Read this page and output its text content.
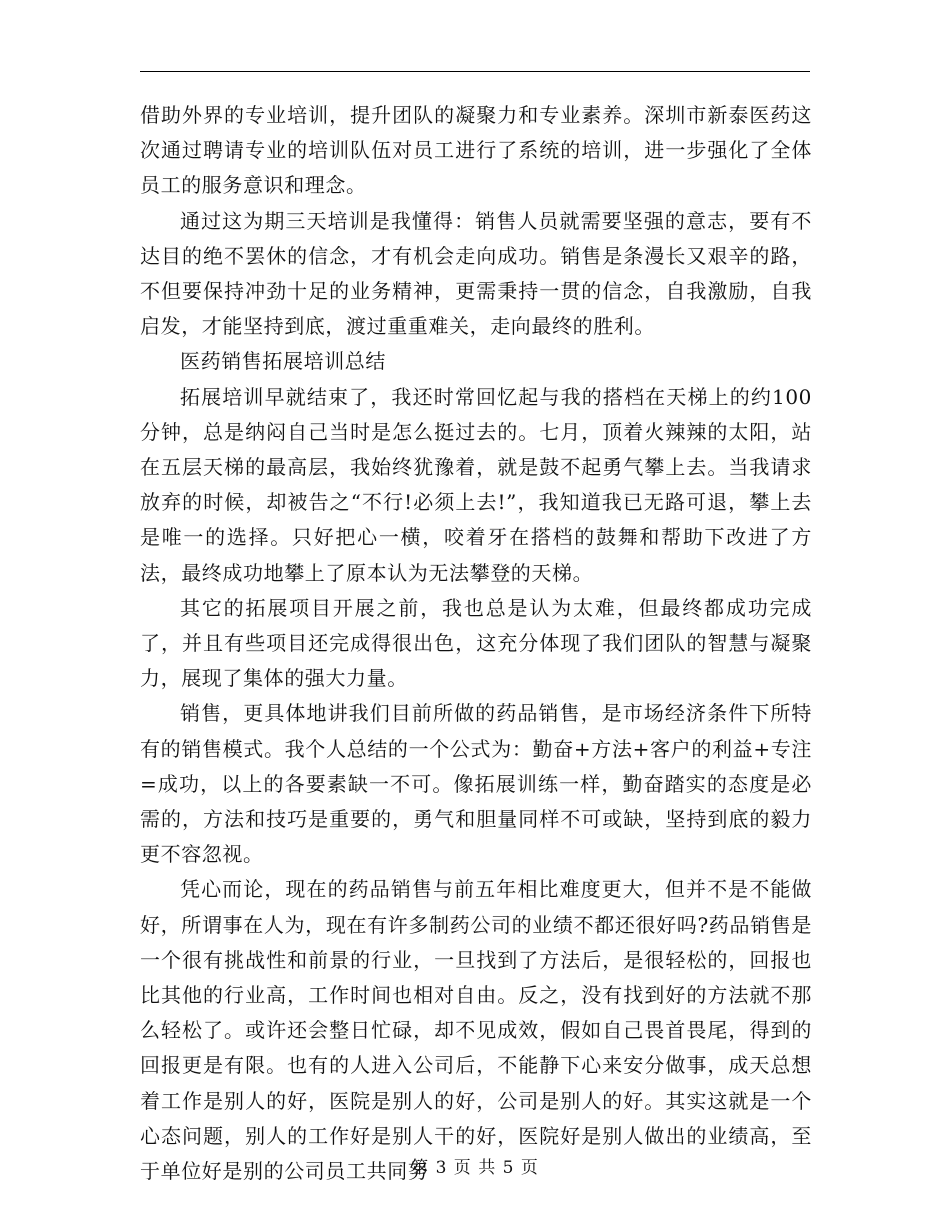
借助外界的专业培训，提升团队的凝聚力和专业素养。深圳市新泰医药这次通过聘请专业的培训队伍对员工进行了系统的培训，进一步强化了全体员工的服务意识和理念。

通过这为期三天培训是我懂得：销售人员就需要坚强的意志，要有不达目的绝不罢休的信念，才有机会走向成功。销售是条漫长又艰辛的路，不但要保持冲劲十足的业务精神，更需秉持一贯的信念，自我激励，自我启发，才能坚持到底，渡过重重难关，走向最终的胜利。

医药销售拓展培训总结

拓展培训早就结束了，我还时常回忆起与我的搭档在天梯上的约100分钟，总是纳闷自己当时是怎么挺过去的。七月，顶着火辣辣的太阳，站在五层天梯的最高层，我始终犹豫着，就是鼓不起勇气攀上去。当我请求放弃的时候，却被告之“不行!必须上去!”，我知道我已无路可退，攀上去是唯一的选择。只好把心一横，咬着牙在搭档的鼓舞和帮助下改进了方法，最终成功地攀上了原本认为无法攀登的天梯。

其它的拓展项目开展之前，我也总是认为太难，但最终都成功完成了，并且有些项目还完成得很出色，这充分体现了我们团队的智慧与凝聚力，展现了集体的强大力量。

销售，更具体地讲我们目前所做的药品销售，是市场经济条件下所特有的销售模式。我个人总结的一个公式为：勤奋+方法+客户的利益+专注=成功，以上的各要素缺一不可。像拓展训练一样，勤奋踏实的态度是必需的，方法和技巧是重要的，勇气和胆量同样不可或缺，坚持到底的毅力更不容忽视。

凭心而论，现在的药品销售与前五年相比难度更大，但并不是不能做好，所谓事在人为，现在有许多制药公司的业绩不都还很好吗?药品销售是一个很有挑战性和前景的行业，一旦找到了方法后，是很轻松的，回报也比其他的行业高，工作时间也相对自由。反之，没有找到好的方法就不那么轻松了。或许还会整日忙碌，却不见成效，假如自己畏首畏尾，得到的回报更是有限。也有的人进入公司后，不能静下心来安分做事，成天总想着工作是别人的好，医院是别人的好，公司是别人的好。其实这就是一个心态问题，别人的工作好是别人干的好，医院好是别人做出的业绩高，至于单位好是别的公司员工共同努

第 3 页 共 5 页
